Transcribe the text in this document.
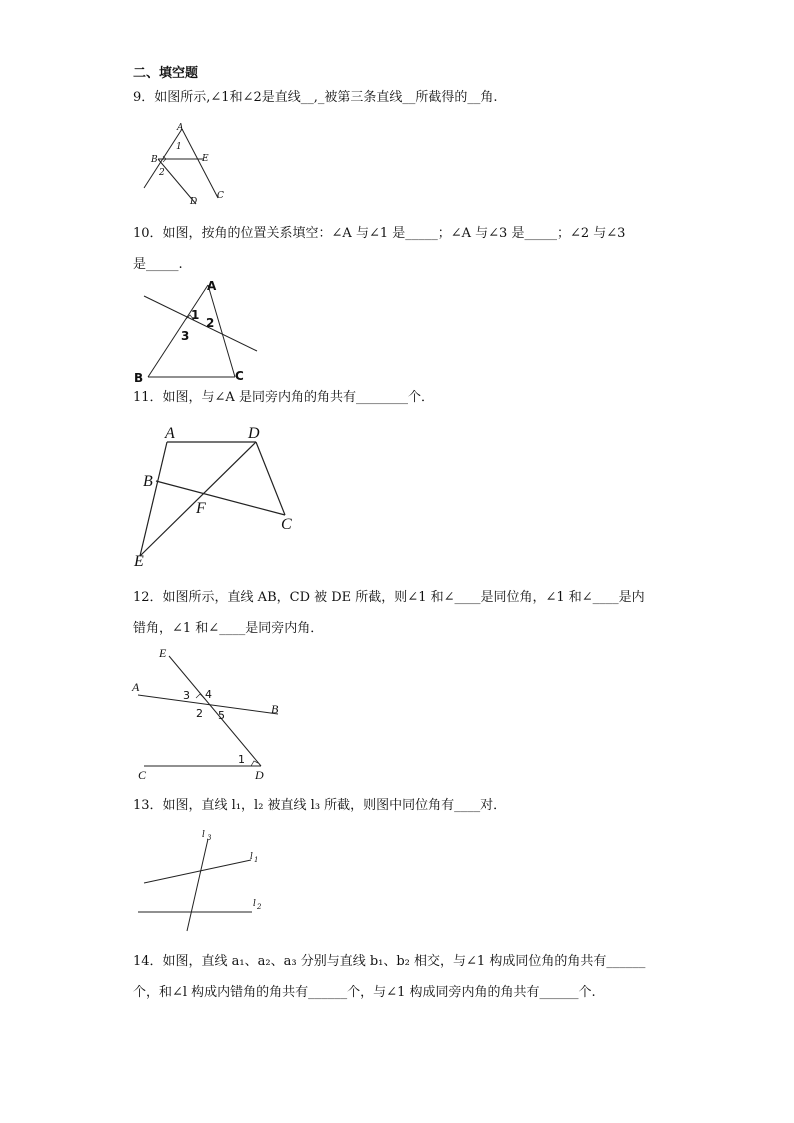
二、填空题
9．如图所示,∠1和∠2是直线__,_被第三条直线__所截得的__角.
A
1
B
2
E
C
D
10．如图，按角的位置关系填空：∠A 与∠1 是_____；∠A 与∠3 是_____；∠2 与∠3
是_____.
A
1
2
3
B	C
11．如图，与∠A 是同旁内角的角共有________个．
A	D
B
F
C
E
12．如图所示，直线 AB，CD 被 DE 所截，则∠1 和∠____是同位角，∠1 和∠____是内
错角，∠1 和∠____是同旁内角．
E
A
3 4
2 5	B
1
C	D
13．如图，直线 l₁，l₂ 被直线 l₃ 所截，则图中同位角有____对．
l 3
l 1
l 2
14．如图，直线 a₁、a₂、a₃ 分别与直线 b₁、b₂ 相交，与∠1 构成同位角的角共有______
个，和∠l 构成内错角的角共有______个，与∠1 构成同旁内角的角共有______个.
